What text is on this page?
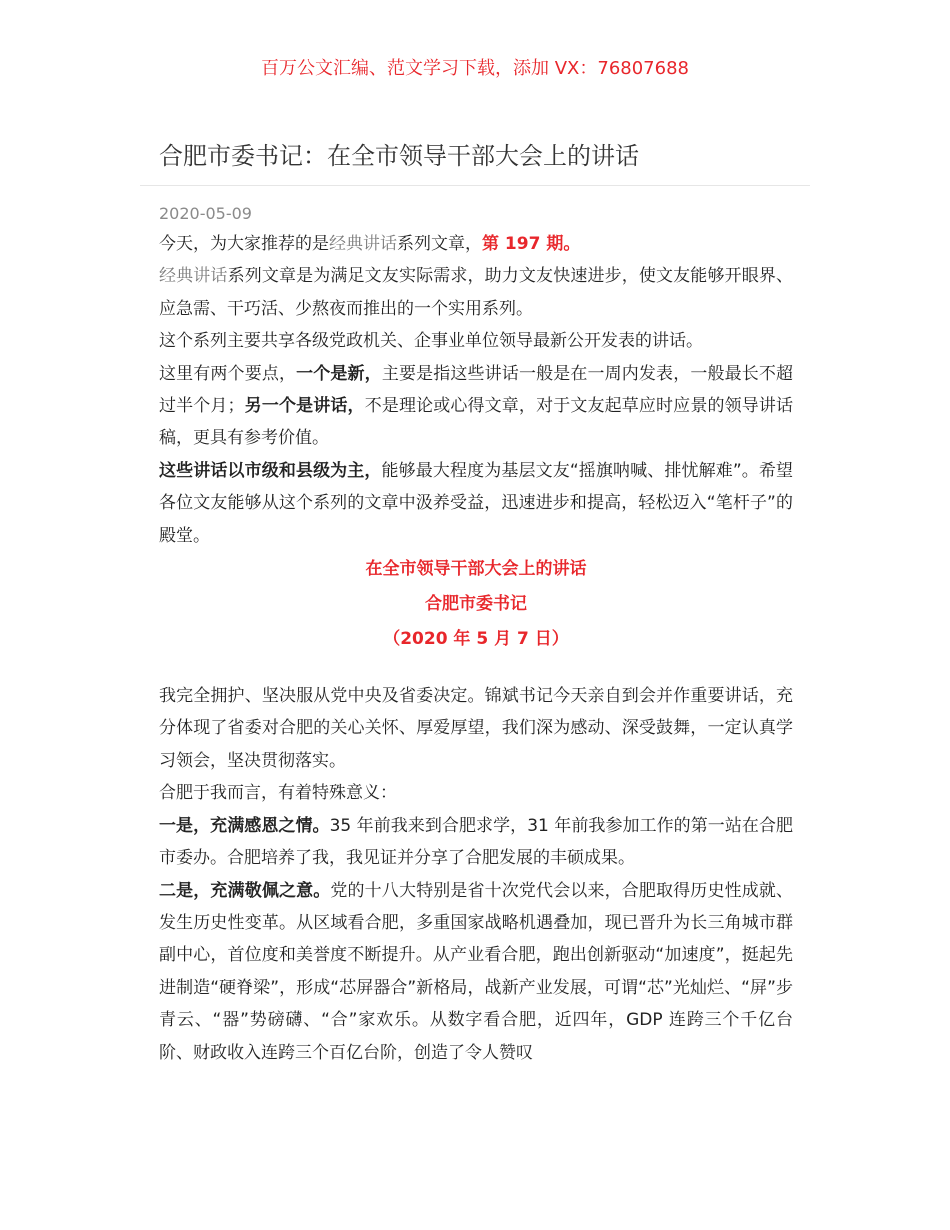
百万公文汇编、范文学习下载，添加 VX：76807688
合肥市委书记：在全市领导干部大会上的讲话
2020-05-09

今天，为大家推荐的是经典讲话系列文章，第 197 期。

经典讲话系列文章是为满足文友实际需求，助力文友快速进步，使文友能够开眼界、应急需、干巧活、少熬夜而推出的一个实用系列。

这个系列主要共享各级党政机关、企事业单位领导最新公开发表的讲话。

这里有两个要点，一个是新，主要是指这些讲话一般是在一周内发表，一般最长不超过半个月；另一个是讲话，不是理论或心得文章，对于文友起草应时应景的领导讲话稿，更具有参考价值。

这些讲话以市级和县级为主，能够最大程度为基层文友“摇旗呐喊、排忧解难”。希望各位文友能够从这个系列的文章中汲养受益，迅速进步和提高，轻松迈入“笔杆子”的殿堂。

在全市领导干部大会上的讲话

合肥市委书记

（2020 年 5 月 7 日）

我完全拥护、坚决服从党中央及省委决定。锦斌书记今天亲自到会并作重要讲话，充分体现了省委对合肥的关心关怀、厚爱厚望，我们深为感动、深受鼓舞，一定认真学习领会，坚决贯彻落实。

合肥于我而言，有着特殊意义：

一是，充满感恩之情。35 年前我来到合肥求学，31 年前我参加工作的第一站在合肥市委办。合肥培养了我，我见证并分享了合肥发展的丰硕成果。

二是，充满敬佩之意。党的十八大特别是省十次党代会以来，合肥取得历史性成就、发生历史性变革。从区域看合肥，多重国家战略机遇叠加，现已晋升为长三角城市群副中心，首位度和美誉度不断提升。从产业看合肥，跑出创新驱动“加速度”，挺起先进制造“硬脊梁”，形成“芯屏器合”新格局，战新产业发展，可谓“芯”光灿烂、“屏”步青云、“器”势磅礴、“合”家欢乐。从数字看合肥，近四年，GDP 连跨三个千亿台阶、财政收入连跨三个百亿台阶，创造了令人赞叹
